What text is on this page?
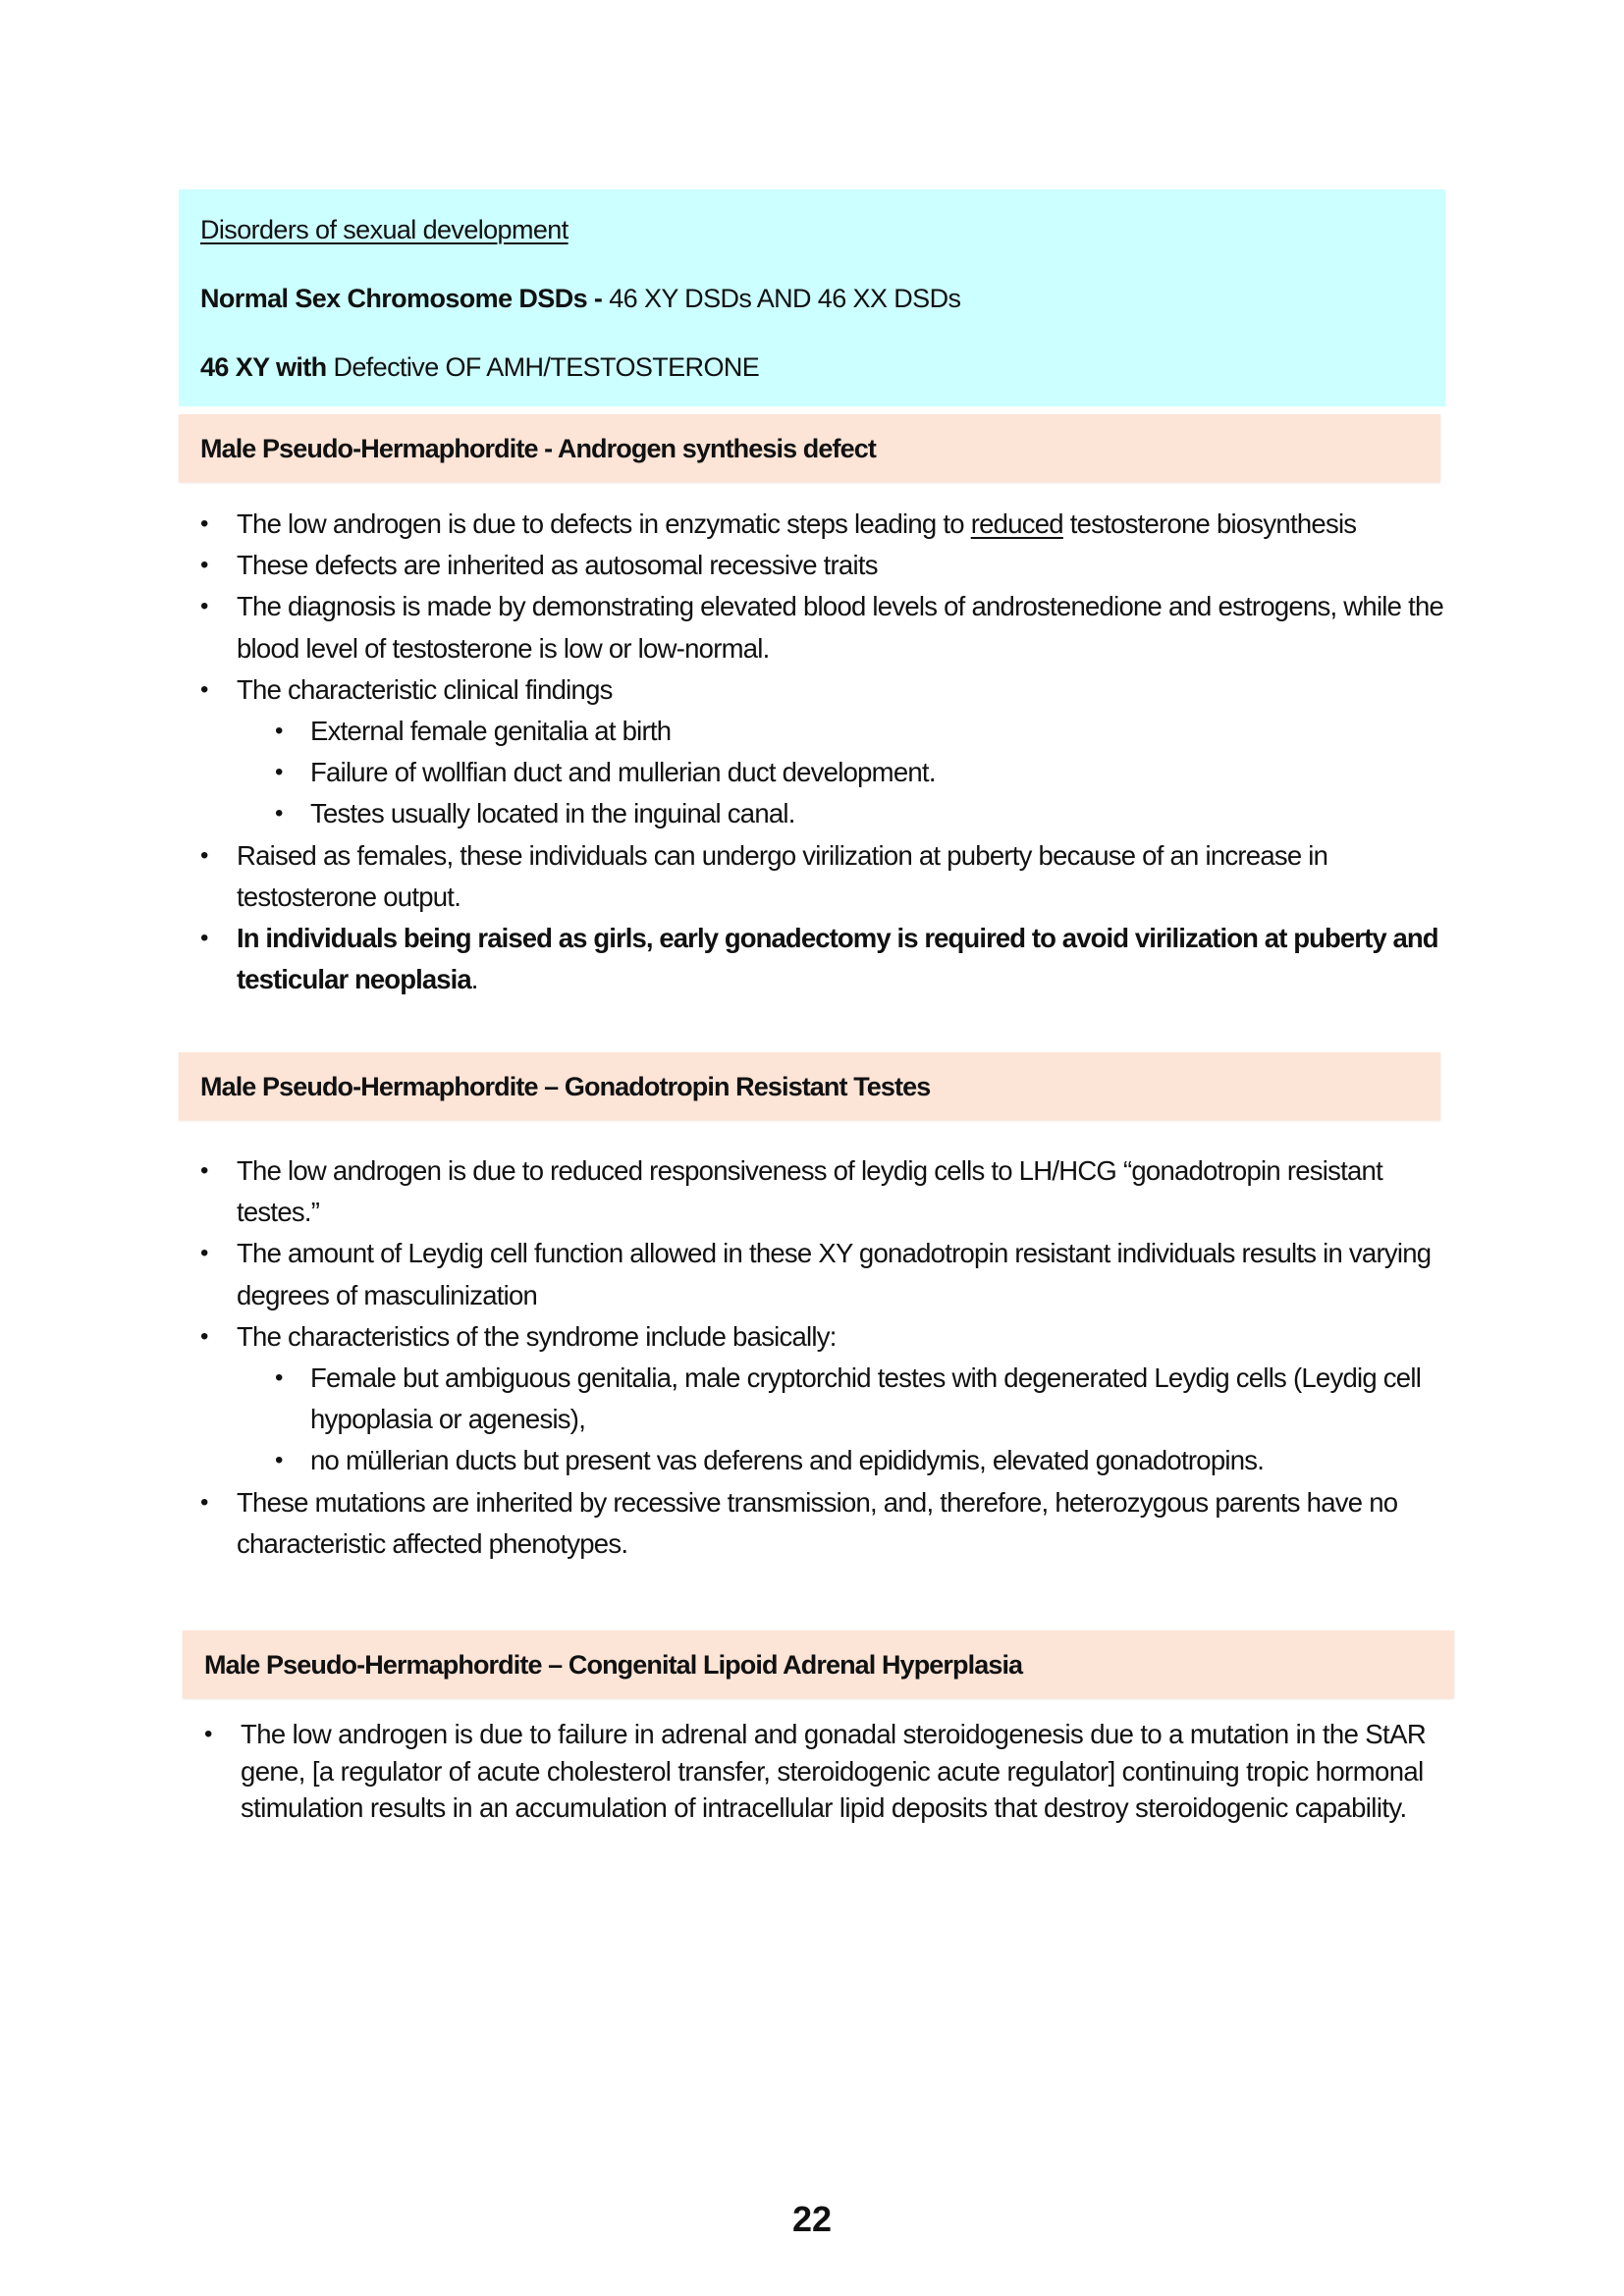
Disorders of sexual development
Normal Sex Chromosome DSDs - 46 XY DSDs AND 46 XX DSDs
46 XY with Defective OF AMH/TESTOSTERONE
Male Pseudo-Hermaphordite - Androgen synthesis defect
• The low androgen is due to defects in enzymatic steps leading to reduced testosterone biosynthesis
• These defects are inherited as autosomal recessive traits
• The diagnosis is made by demonstrating elevated blood levels of androstenedione and estrogens, while the blood level of testosterone is low or low-normal.
• The characteristic clinical findings
• External female genitalia at birth
• Failure of wollfian duct and mullerian duct development.
• Testes usually located in the inguinal canal.
• Raised as females, these individuals can undergo virilization at puberty because of an increase in testosterone output.
• In individuals being raised as girls, early gonadectomy is required to avoid virilization at puberty and testicular neoplasia.
Male Pseudo-Hermaphordite – Gonadotropin Resistant Testes
• The low androgen is due to reduced responsiveness of leydig cells to LH/HCG “gonadotropin resistant testes.”
• The amount of Leydig cell function allowed in these XY gonadotropin resistant individuals results in varying degrees of masculinization
• The characteristics of the syndrome include basically:
• Female but ambiguous genitalia, male cryptorchid testes with degenerated Leydig cells (Leydig cell hypoplasia or agenesis),
• no müllerian ducts but present vas deferens and epididymis, elevated gonadotropins.
• These mutations are inherited by recessive transmission, and, therefore, heterozygous parents have no characteristic affected phenotypes.
Male Pseudo-Hermaphordite – Congenital Lipoid Adrenal Hyperplasia
• The low androgen is due to failure in adrenal and gonadal steroidogenesis due to a mutation in the StAR gene, [a regulator of acute cholesterol transfer, steroidogenic acute regulator] continuing tropic hormonal stimulation results in an accumulation of intracellular lipid deposits that destroy steroidogenic capability.
22
